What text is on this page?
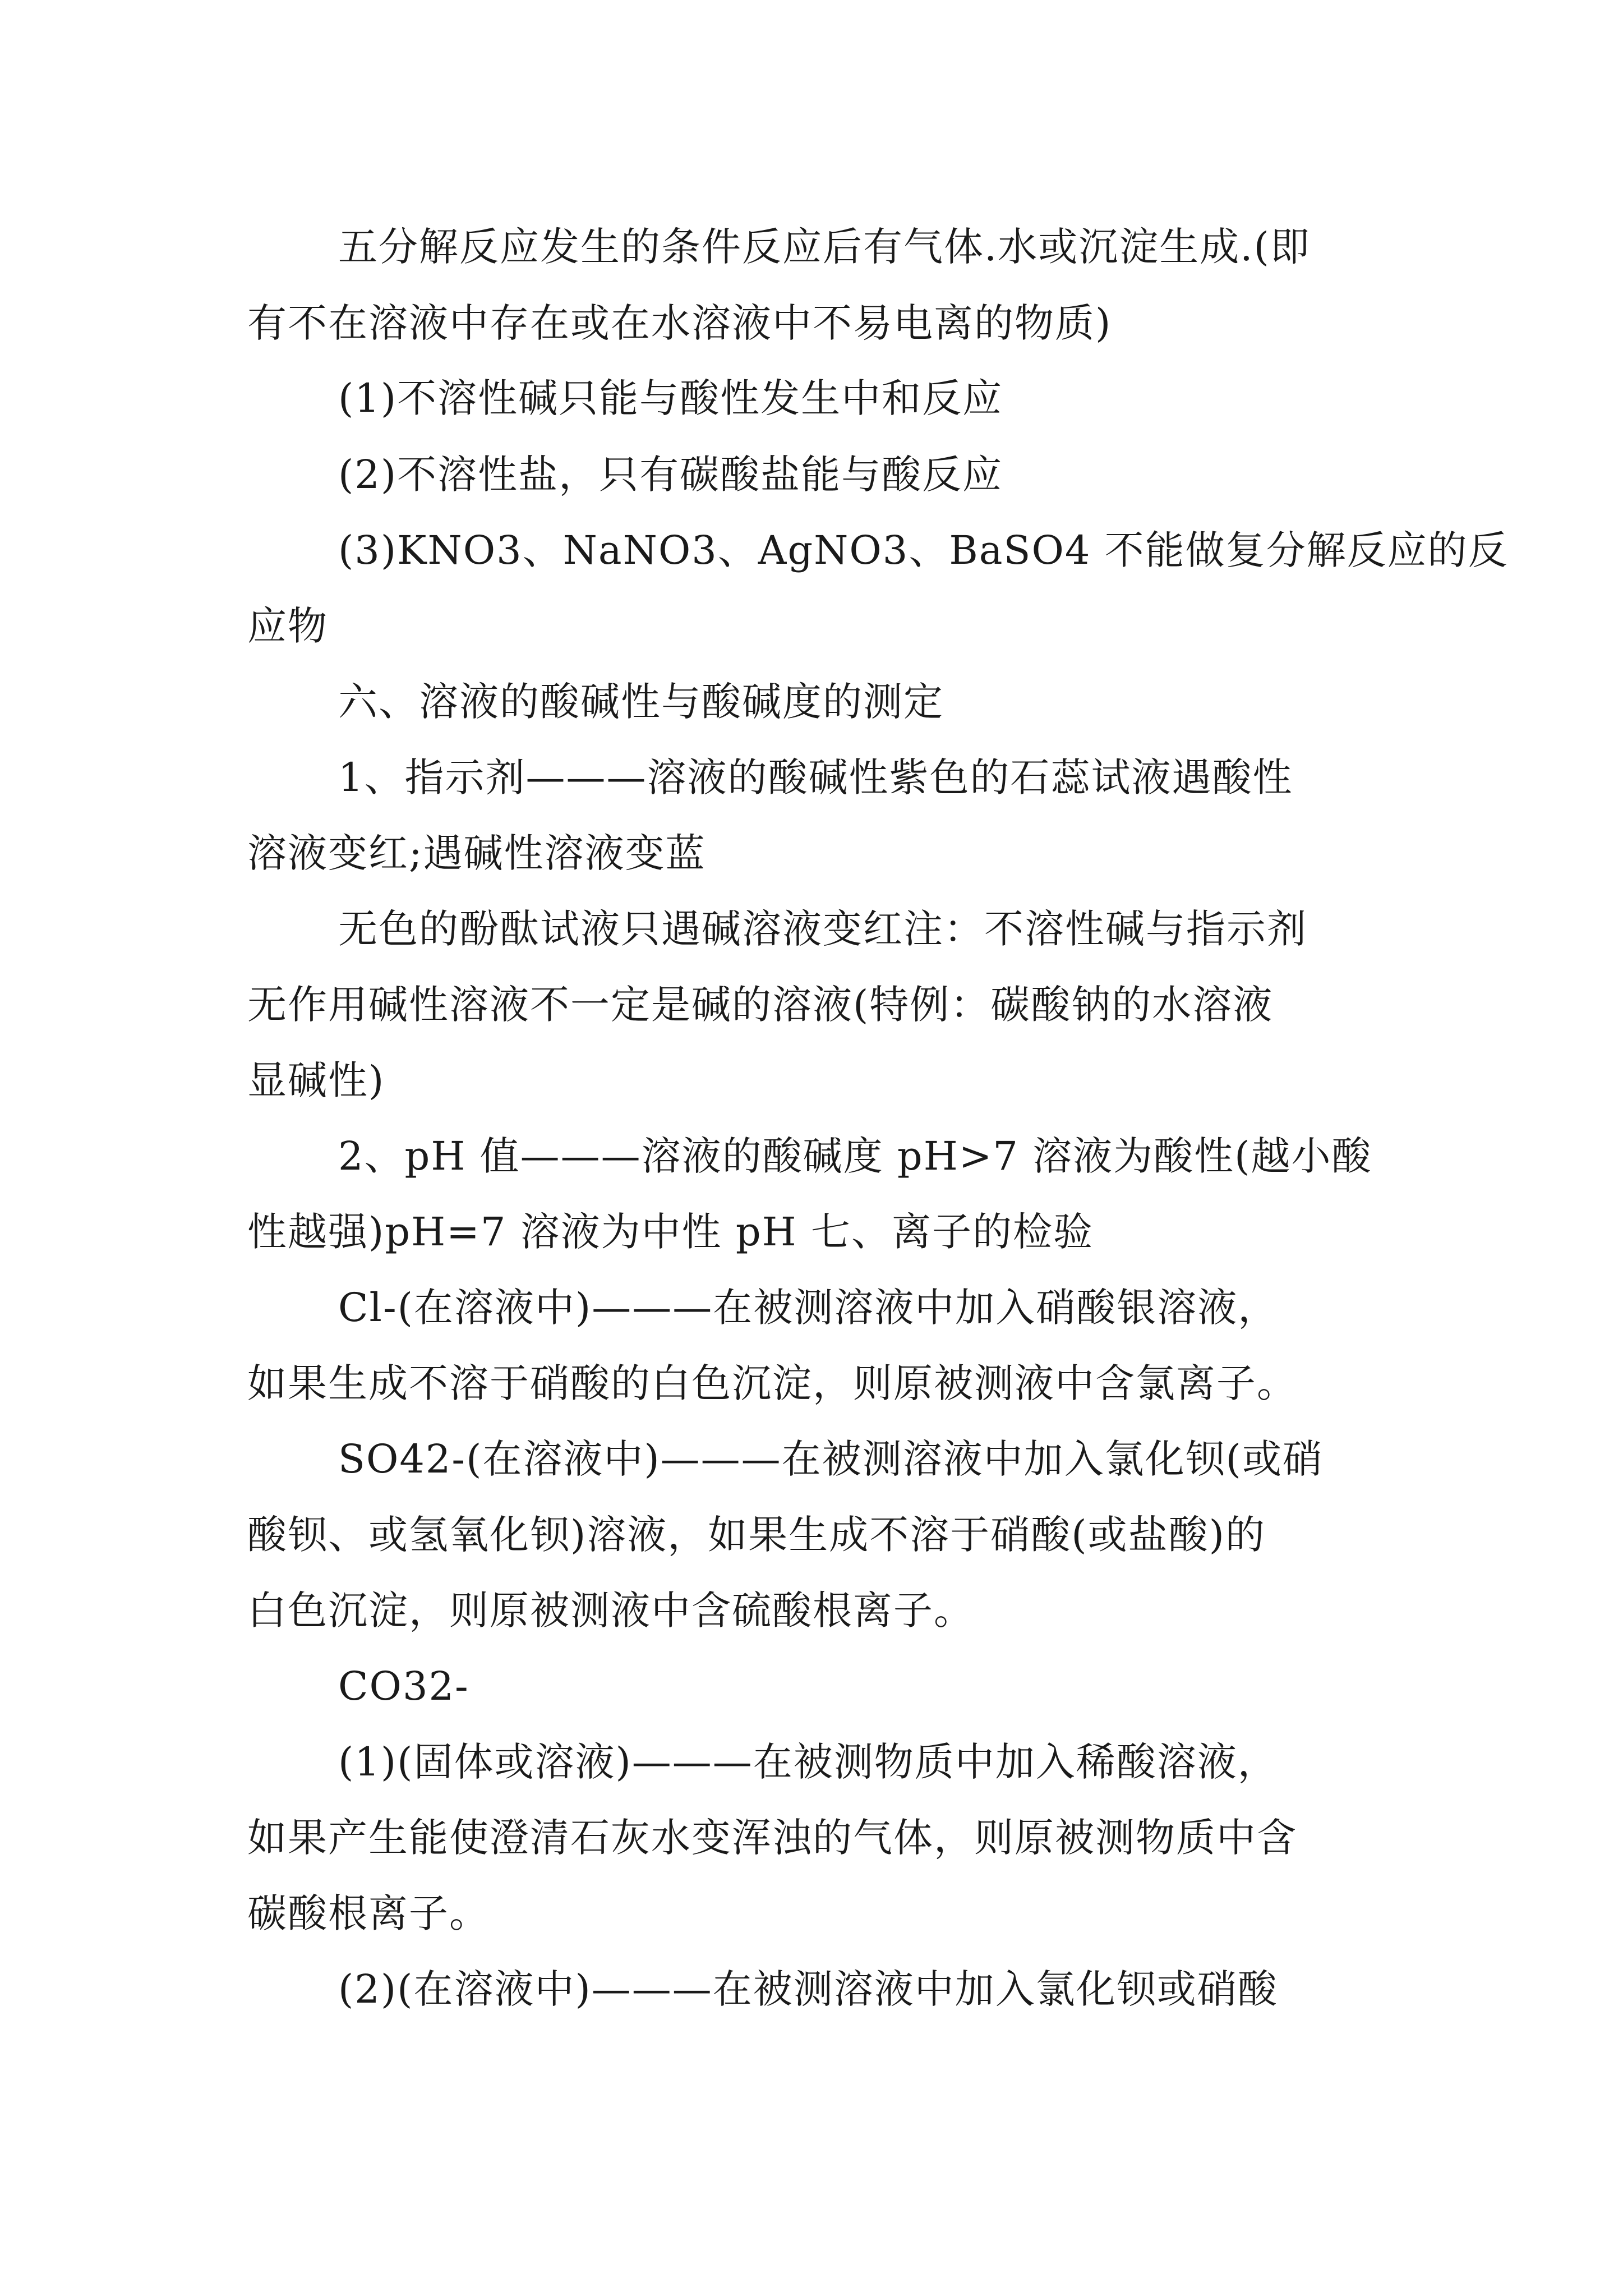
五分解反应发生的条件反应后有气体.水或沉淀生成.(即

有不在溶液中存在或在水溶液中不易电离的物质)

(1)不溶性碱只能与酸性发生中和反应

(2)不溶性盐，只有碳酸盐能与酸反应

(3)KNO3、NaNO3、AgNO3、BaSO4 不能做复分解反应的反

应物

六、溶液的酸碱性与酸碱度的测定

1、指示剂———溶液的酸碱性紫色的石蕊试液遇酸性

溶液变红;遇碱性溶液变蓝

无色的酚酞试液只遇碱溶液变红注：不溶性碱与指示剂

无作用碱性溶液不一定是碱的溶液(特例：碳酸钠的水溶液

显碱性)

2、pH 值———溶液的酸碱度 pH>7 溶液为酸性(越小酸

性越强)pH=7 溶液为中性 pH 七、离子的检验

Cl-(在溶液中)———在被测溶液中加入硝酸银溶液，

如果生成不溶于硝酸的白色沉淀，则原被测液中含氯离子。

SO42-(在溶液中)———在被测溶液中加入氯化钡(或硝

酸钡、或氢氧化钡)溶液，如果生成不溶于硝酸(或盐酸)的

白色沉淀，则原被测液中含硫酸根离子。

CO32-

(1)(固体或溶液)———在被测物质中加入稀酸溶液，

如果产生能使澄清石灰水变浑浊的气体，则原被测物质中含

碳酸根离子。

(2)(在溶液中)———在被测溶液中加入氯化钡或硝酸
